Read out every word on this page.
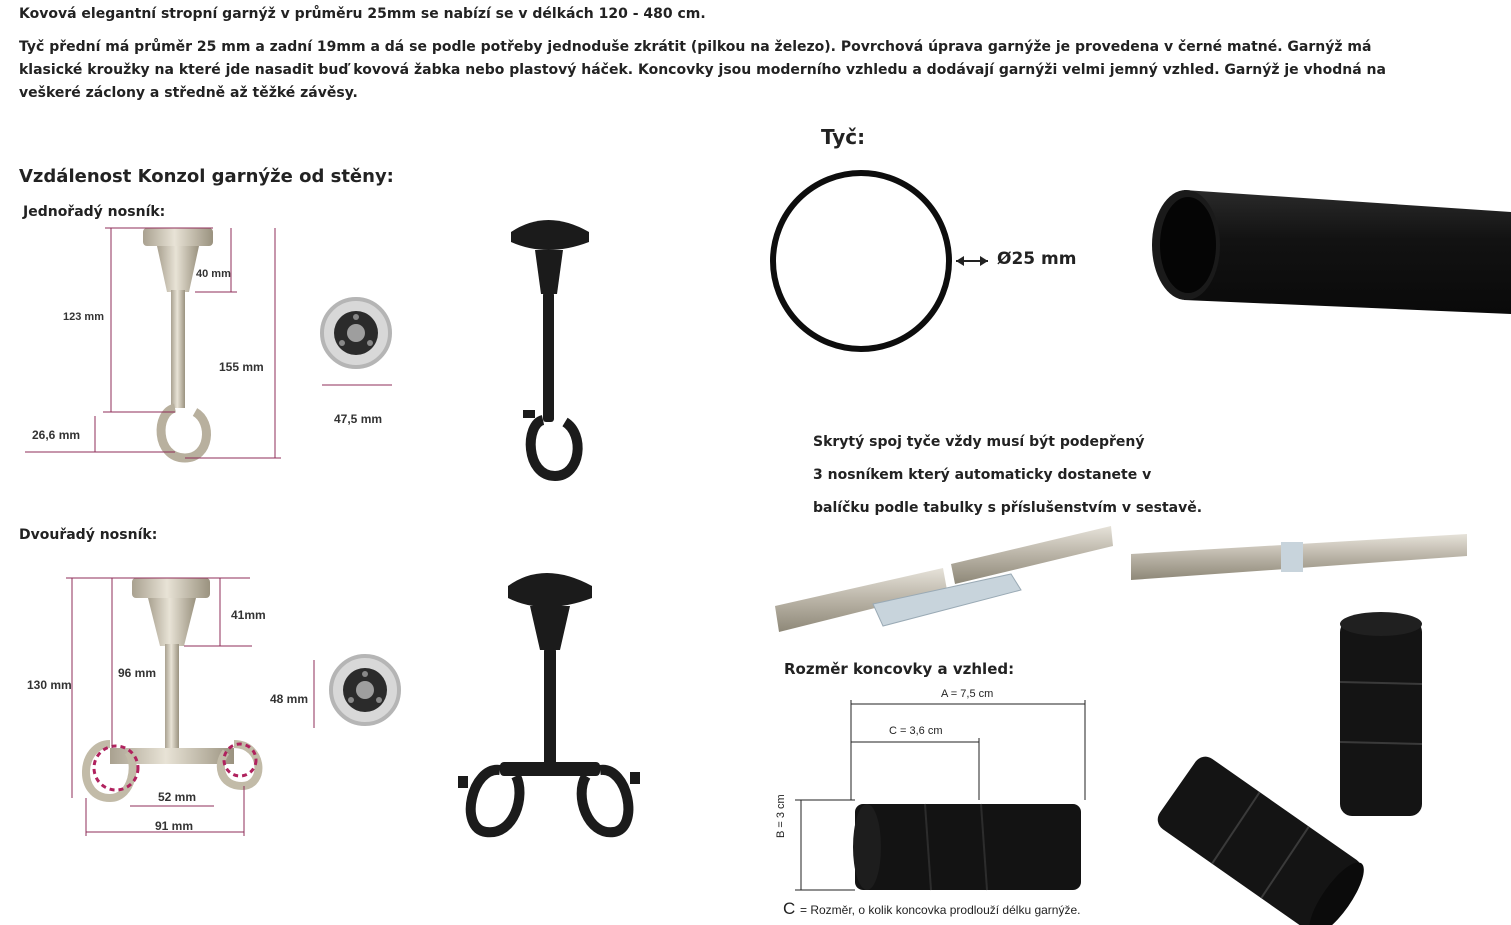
Kovová elegantní stropní garnýž v průměru 25mm se nabízí se v délkách 120 - 480 cm.
Tyč přední má průměr 25 mm a zadní 19mm a dá se podle potřeby jednoduše zkrátit (pilkou na železo). Povrchová úprava garnýže je provedena v černé matné. Garnýž má klasické kroužky na které jde nasadit buď kovová žabka nebo plastový háček. Koncovky jsou moderního vzhledu a dodávají garnýži velmi jemný vzhled. Garnýž je vhodná na veškeré záclony a středně až těžké závěsy.
Vzdálenost Konzol garnýže od stěny:
Jednořadý nosník:
Dvouřadý nosník:
123 mm
40 mm
155 mm
26,6 mm
47,5 mm
130 mm
96 mm
41mm
52 mm
91 mm
48 mm
Tyč:
Ø25 mm

Skrytý spoj tyče vždy musí být podepřený

3 nosníkem který automaticky dostanete v

balíčku podle tabulky s příslušenstvím v sestavě.

Rozměr koncovky a vzhled:
A = 7,5 cm
C = 3,6 cm
B = 3 cm
C = Rozměr, o kolik koncovka prodlouží délku garnýže.
